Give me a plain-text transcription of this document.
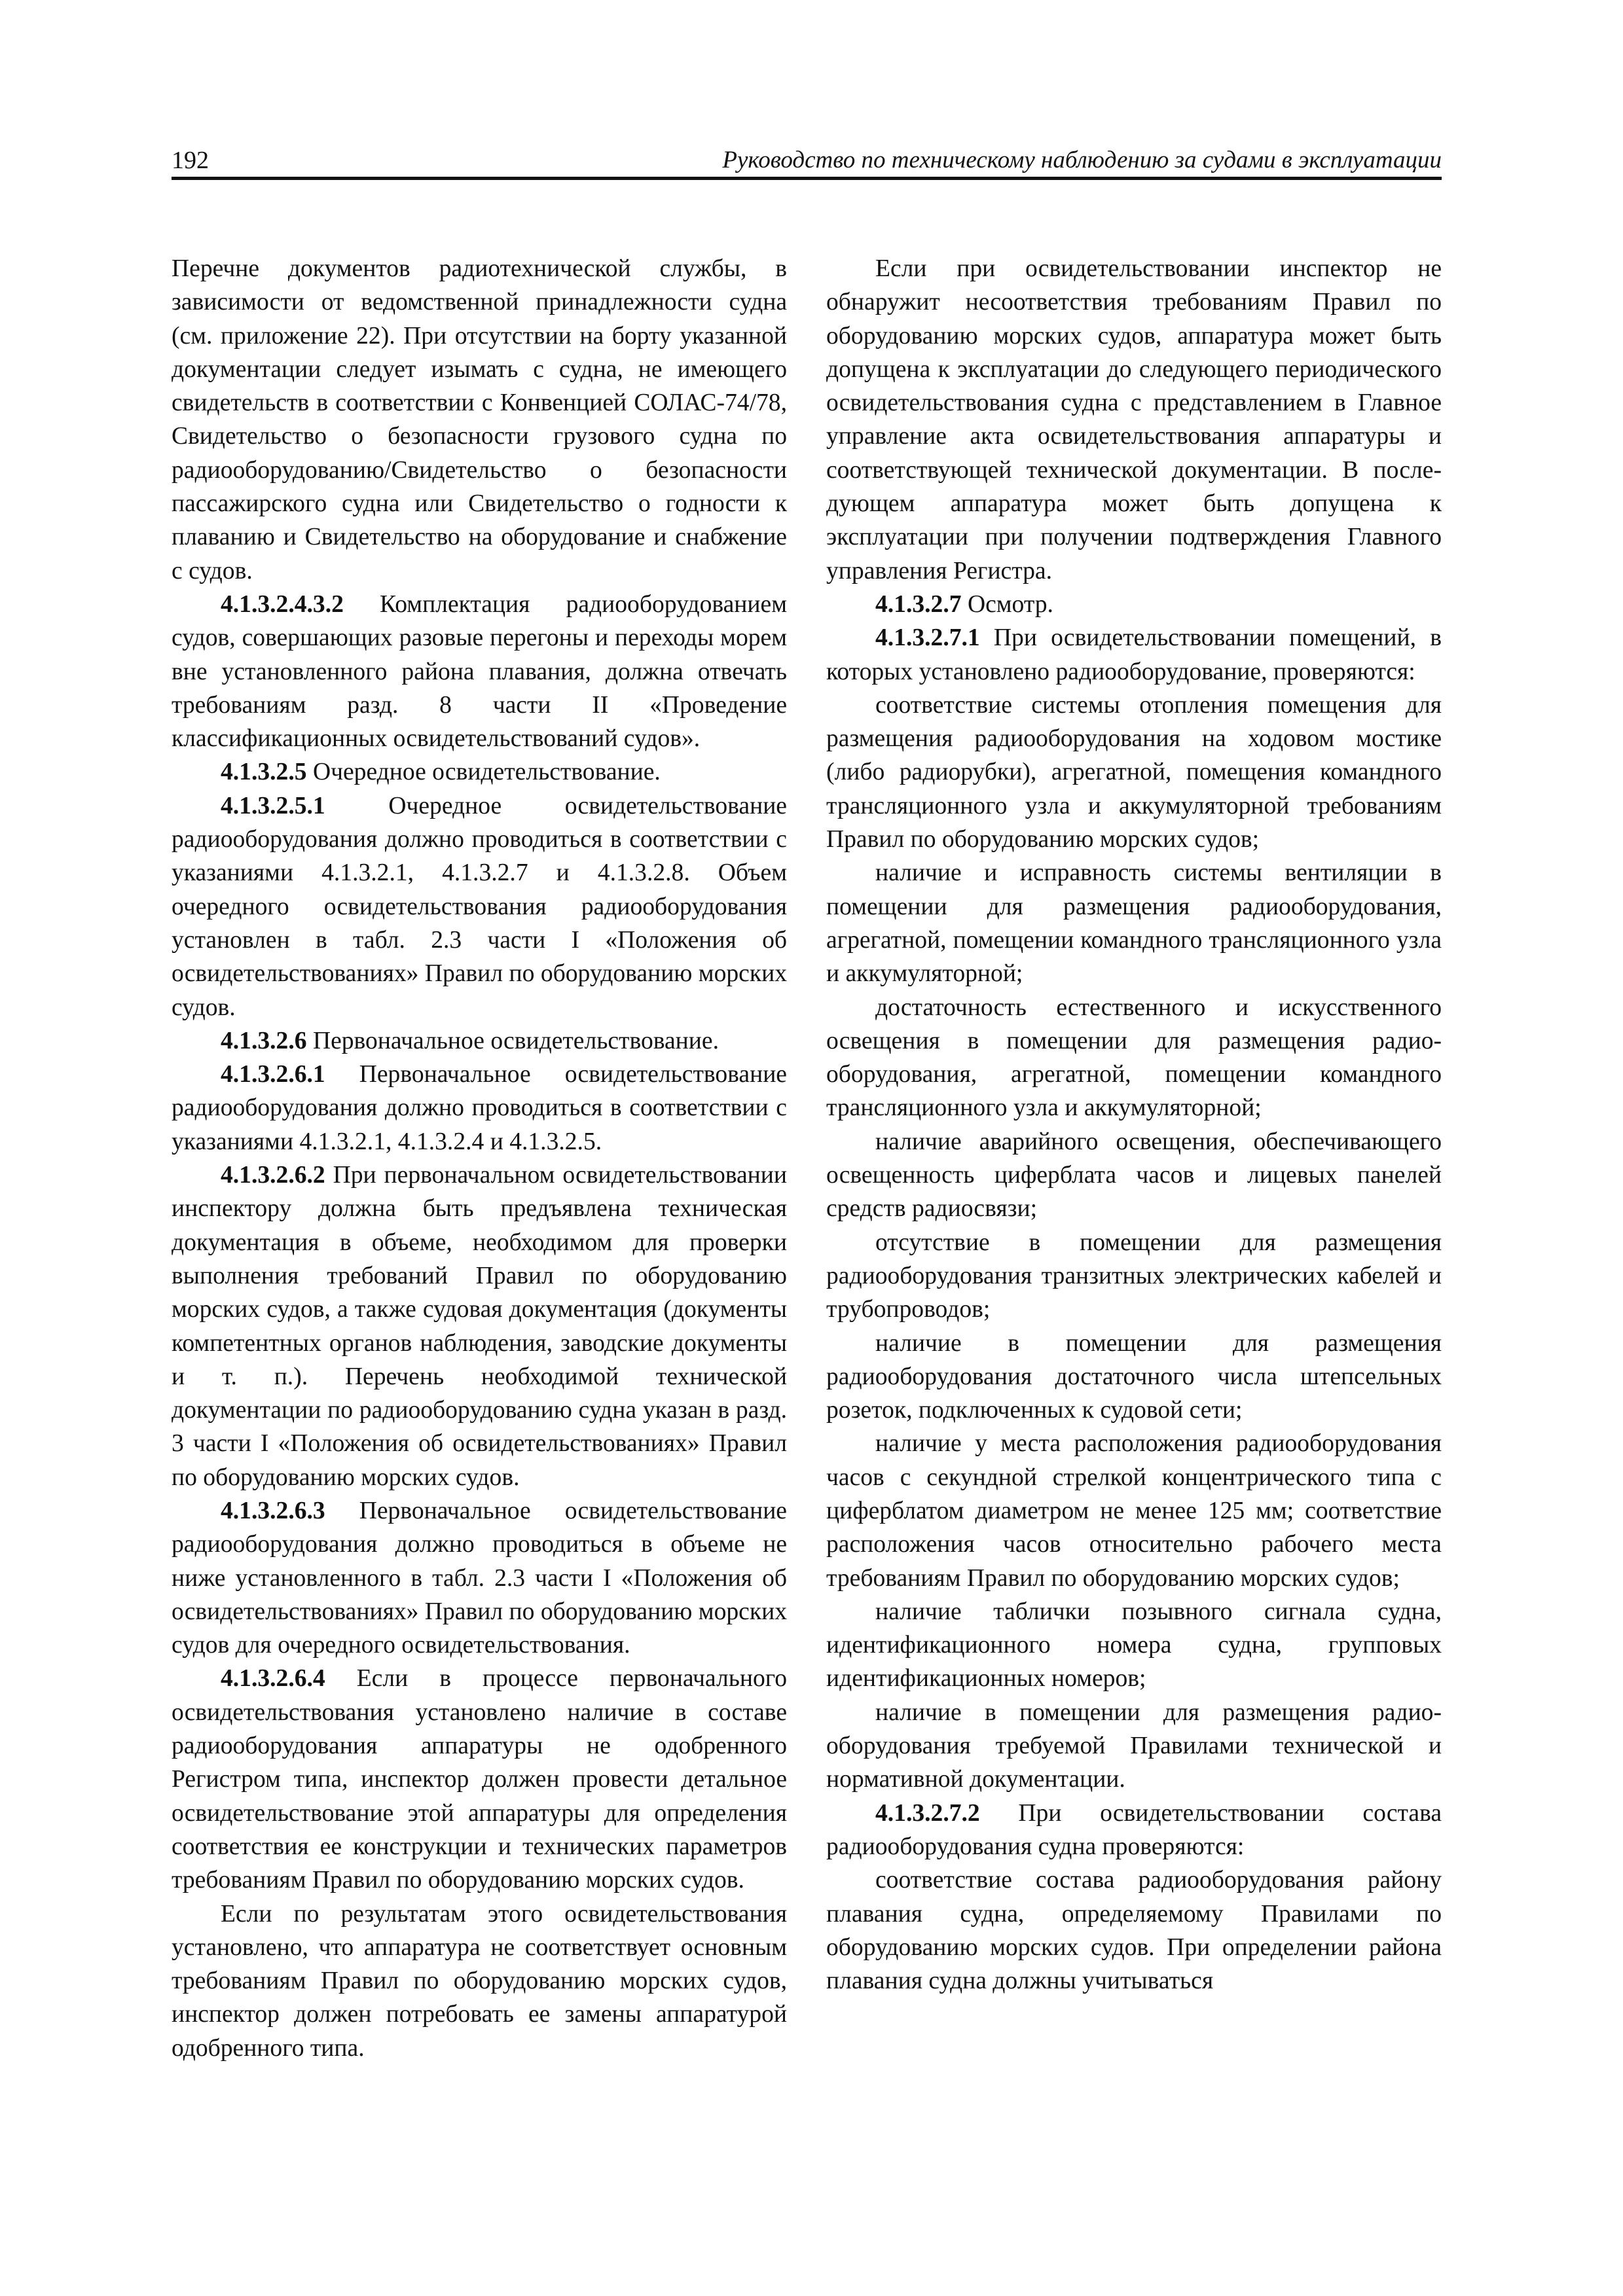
192	Руководство по техническому наблюдению за судами в эксплуатации

Перечне документов радиотехнической службы, в зависимости от ведомственной принадлежности судна (см. приложение 22). При отсутствии на борту указанной документации следует изымать с судна, не имеющего свидетельств в соответствии с Конвенцией СОЛАС-74/78, Свидетельство о безопасности грузового судна по радиооборудованию/Свидетельство о безопасности пассажирского судна или Свидетельство о годности к плаванию и Свидетельство на оборудование и снабжение с судов.

4.1.3.2.4.3.2 Комплектация радиооборудованием судов, совершающих разовые перегоны и переходы морем вне установленного района плавания, должна отвечать требованиям разд. 8 части II «Проведение классификационных освидетельствований судов».

4.1.3.2.5 Очередное освидетельствование.

4.1.3.2.5.1	Очередное освидетельствование радиооборудования должно проводиться в соответствии с указаниями 4.1.3.2.1, 4.1.3.2.7 и 4.1.3.2.8. Объем очередного освидетельствования радиооборудования установлен в табл. 2.3 части I «Положения об освидетельствованиях» Правил по оборудованию морских судов.

4.1.3.2.6 Первоначальное освидетельствование.

4.1.3.2.6.1 Первоначальное освидетельствование радиооборудования должно проводиться в соответствии с указаниями 4.1.3.2.1, 4.1.3.2.4 и 4.1.3.2.5.

4.1.3.2.6.2 При первоначальном освидетельствовании инспектору должна быть предъявлена техническая документация в объеме, необходимом для проверки выполнения требований Правил по оборудованию морских судов, а также судовая документация (документы компетентных органов наблюдения, заводские документы и т. п.). Перечень необходимой технической документации по радиооборудованию судна указан в разд. 3 части I «Положения об освидетельствованиях» Правил по оборудованию морских судов.

4.1.3.2.6.3 Первоначальное освидетельствование радиооборудования должно проводиться в объеме не ниже установленного в табл. 2.3 части I «Положения об освидетельствованиях» Правил по оборудованию морских судов для очередного освидетельствования.

4.1.3.2.6.4 Если в процессе первоначального освидетельствования установлено наличие в составе радиооборудования аппаратуры не одобренного Регистром типа, инспектор должен провести детальное освидетельствование этой аппаратуры для определения соответствия ее конструкции и технических параметров требованиям Правил по оборудованию морских судов.

Если по результатам этого освидетельствования установлено, что аппаратура не соответствует основным требованиям Правил по оборудованию морских судов, инспектор должен потребовать ее замены аппаратурой одобренного типа.

Если при освидетельствовании инспектор не обнаружит несоответствия требованиям Правил по оборудованию морских судов, аппаратура может быть допущена к эксплуатации до следующего периодического освидетельствования судна с представлением в Главное управление акта освидетельствования аппаратуры и соответствующей технической документации. В последующем аппаратура может быть допущена к эксплуатации при получении подтверждения Главного управления Регистра.

4.1.3.2.7 Осмотр.

4.1.3.2.7.1 При освидетельствовании помещений, в которых установлено радиооборудование, проверяются:

соответствие системы отопления помещения для размещения радиооборудования на ходовом мостике (либо радиорубки), агрегатной, помещения командного трансляционного узла и аккумуляторной требованиям Правил по оборудованию морских судов;

наличие и исправность системы вентиляции в помещении для размещения радиооборудования, агрегатной, помещении командного трансляционного узла и аккумуляторной;

достаточность естественного и искусственного освещения в помещении для размещения радиооборудования, агрегатной, помещении командного трансляционного узла и аккумуляторной;

наличие аварийного освещения, обеспечивающего освещенность циферблата часов и лицевых панелей средств радиосвязи;

отсутствие в помещении для размещения радиооборудования транзитных электрических кабелей и трубопроводов;

наличие в помещении для размещения радиооборудования достаточного числа штепсельных розеток, подключенных к судовой сети;

наличие у места расположения радиооборудования часов с секундной стрелкой концентрического типа с циферблатом диаметром не менее 125 мм; соответствие расположения часов относительно рабочего места требованиям Правил по оборудованию морских судов;

наличие таблички позывного сигнала судна, идентификационного номера судна, групповых идентификационных номеров;

наличие в помещении для размещения радиооборудования требуемой Правилами технической и нормативной документации.

4.1.3.2.7.2 При освидетельствовании состава радиооборудования судна проверяются:

соответствие состава радиооборудования району плавания судна, определяемому Правилами по оборудованию морских судов. При определении района плавания судна должны учитываться
